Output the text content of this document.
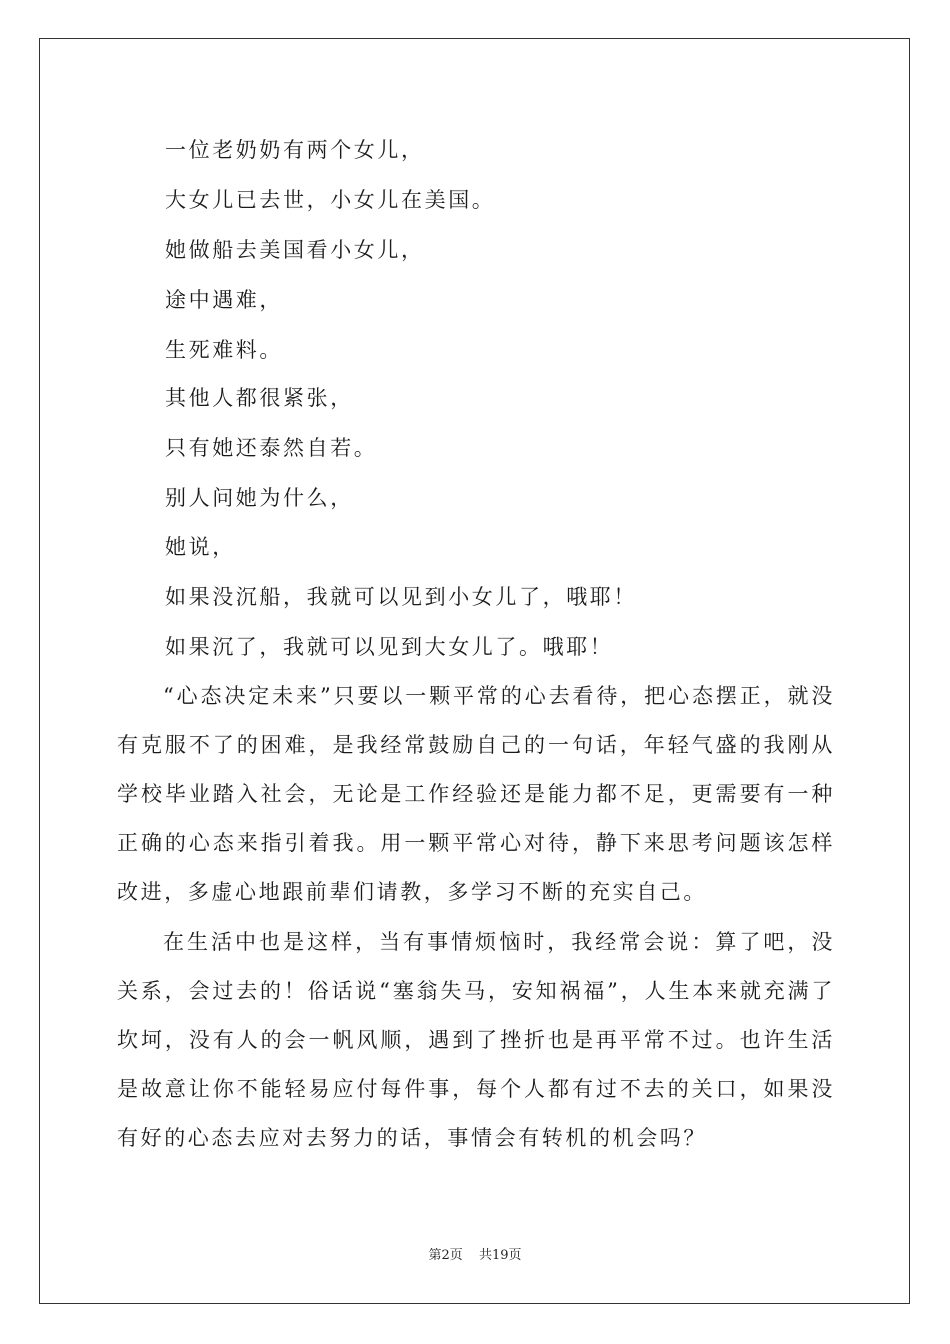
一位老奶奶有两个女儿，
大女儿已去世，小女儿在美国。
她做船去美国看小女儿，
途中遇难，
生死难料。
其他人都很紧张，
只有她还泰然自若。
别人问她为什么，
她说，
如果没沉船，我就可以见到小女儿了，哦耶！
如果沉了，我就可以见到大女儿了。哦耶！

“心态决定未来”只要以一颗平常的心去看待，把心态摆正，就没有克服不了的困难，是我经常鼓励自己的一句话，年轻气盛的我刚从学校毕业踏入社会，无论是工作经验还是能力都不足，更需要有一种正确的心态来指引着我。用一颗平常心对待，静下来思考问题该怎样改进，多虚心地跟前辈们请教，多学习不断的充实自己。

在生活中也是这样，当有事情烦恼时，我经常会说：算了吧，没关系，会过去的！俗话说“塞翁失马，安知祸福”，人生本来就充满了坎坷，没有人的会一帆风顺，遇到了挫折也是再平常不过。也许生活是故意让你不能轻易应付每件事，每个人都有过不去的关口，如果没有好的心态去应对去努力的话，事情会有转机的机会吗？

第2页 共19页
